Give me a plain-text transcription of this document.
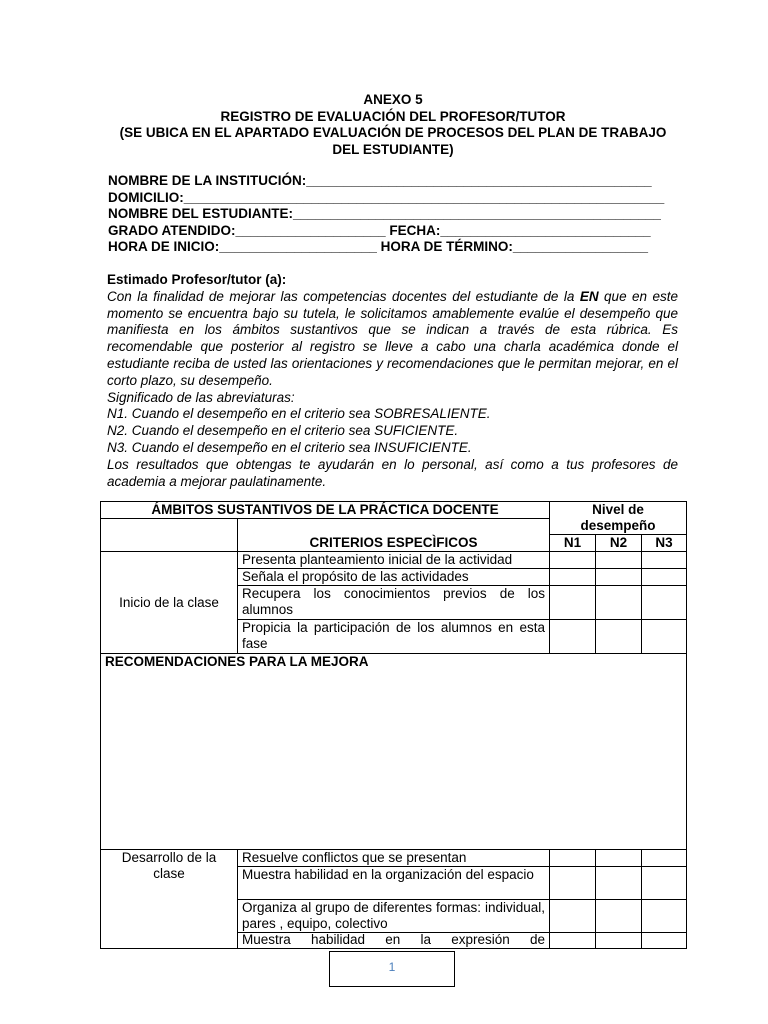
ANEXO 5
REGISTRO DE EVALUACIÓN DEL PROFESOR/TUTOR
(SE UBICA EN EL APARTADO EVALUACIÓN DE PROCESOS DEL PLAN DE TRABAJO
DEL ESTUDIANTE)
NOMBRE DE LA INSTITUCIÓN:______________________________________________
DOMICILIO:________________________________________________________________
NOMBRE DEL ESTUDIANTE:_________________________________________________
GRADO ATENDIDO:____________________ FECHA:____________________________
HORA DE INICIO:_____________________ HORA DE TÉRMINO:__________________
Estimado Profesor/tutor (a):

Con la finalidad de mejorar las competencias docentes del estudiante de la EN que en este momento se encuentra bajo su tutela, le solicitamos amablemente evalúe el desempeño que manifiesta en los ámbitos sustantivos que se indican a través de esta rúbrica. Es recomendable que posterior al registro se lleve a cabo una charla académica donde el estudiante reciba de usted las orientaciones y recomendaciones que le permitan mejorar, en el corto plazo, su desempeño.

Significado de las abreviaturas:

N1. Cuando el desempeño en el criterio sea SOBRESALIENTE.

N2. Cuando el desempeño en el criterio sea SUFICIENTE.

N3. Cuando el desempeño en el criterio sea INSUFICIENTE.

Los resultados que obtengas te ayudarán en lo personal, así como a tus profesores de academia a mejorar paulatinamente.

ÁMBITOS SUSTANTIVOS DE LA PRÁCTICA DOCENTE		Nivel de desempeño		
	CRITERIOS ESPECÌFICOS			
		N1	N2	N3
Inicio de la clase	Presenta planteamiento inicial de la actividad			
	Señala el propósito de las actividades			
	Recupera los conocimientos previos de los alumnos			
	Propicia la participación de los alumnos en esta fase			
RECOMENDACIONES PARA LA MEJORA				
Desarrollo de la clase	Resuelve conflictos que se presentan			
	Muestra habilidad en la organización del espacio			
	Organiza al grupo de diferentes formas: individual, pares , equipo, colectivo			
	Muestra habilidad en la expresión de			
1
